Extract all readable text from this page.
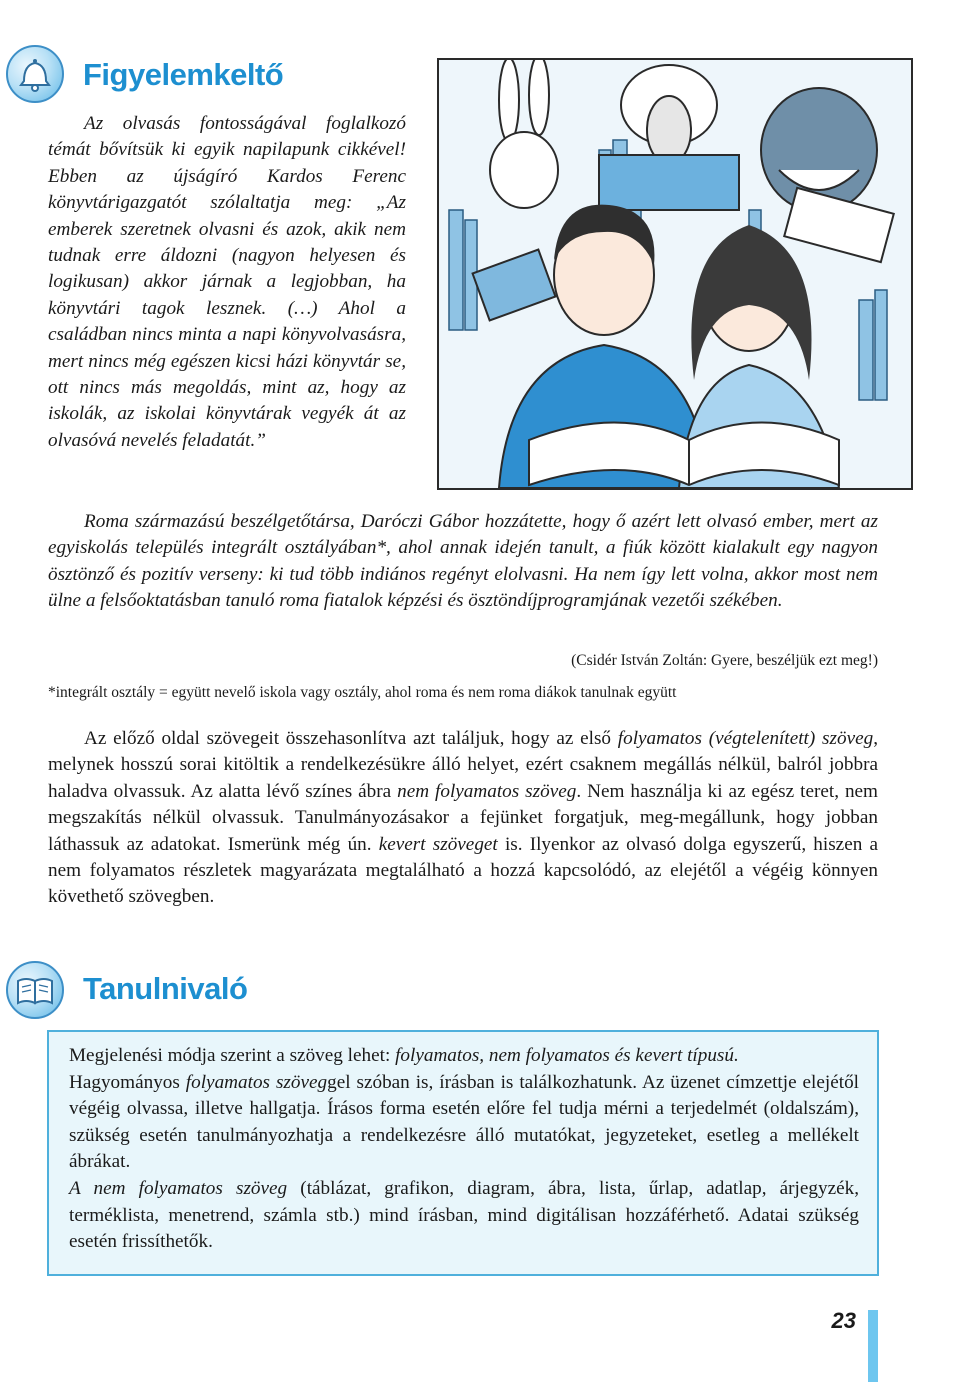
Figyelemkeltő

Az olvasás fontosságával foglalkozó témát bővítsük ki egyik napilapunk cikkével! Ebben az újságíró Kardos Ferenc könyvtárigazgatót szólaltatja meg: „Az emberek szeretnek olvasni és azok, akik nem tudnak erre áldozni (nagyon helyesen és logikusan) akkor járnak a legjobban, ha könyvtári tagok lesznek. (…) Ahol a családban nincs minta a napi könyvolvasásra, mert nincs még egészen kicsi házi könyvtár se, ott nincs más megoldás, mint az, hogy az iskolák, az iskolai könyvtárak vegyék át az olvasóvá nevelés feladatát.”

Roma származású beszélgetőtársa, Daróczi Gábor hozzátette, hogy ő azért lett olvasó ember, mert az egyiskolás település integrált osztályában*, ahol annak idején tanult, a fiúk között kialakult egy nagyon ösztönző és pozitív verseny: ki tud több indiános regényt elolvasni. Ha nem így lett volna, akkor most nem ülne a felsőoktatásban tanuló roma fiatalok képzési és ösztöndíjprogramjának vezetői székében.

(Csidér István Zoltán: Gyere, beszéljük ezt meg!)
*integrált osztály = együtt nevelő iskola vagy osztály, ahol roma és nem roma diákok tanulnak együtt

Az előző oldal szövegeit összehasonlítva azt találjuk, hogy az első folyamatos (végtelenített) szöveg, melynek hosszú sorai kitöltik a rendelkezésükre álló helyet, ezért csaknem megállás nélkül, balról jobbra haladva olvassuk. Az alatta lévő színes ábra nem folyamatos szöveg. Nem használja ki az egész teret, nem megszakítás nélkül olvassuk. Tanulmányozásakor a fejünket forgatjuk, meg-megállunk, hogy jobban láthassuk az adatokat. Ismerünk még ún. kevert szöveget is. Ilyenkor az olvasó dolga egyszerű, hiszen a nem folyamatos részletek magyarázata megtalálható a hozzá kapcsolódó, az elejétől a végéig könnyen követhető szövegben.

Tanulnivaló

Megjelenési módja szerint a szöveg lehet: folyamatos, nem folyamatos és kevert típusú.

Hagyományos folyamatos szöveggel szóban is, írásban is találkozhatunk. Az üzenet címzettje elejétől végéig olvassa, illetve hallgatja. Írásos forma esetén előre fel tudja mérni a terjedelmét (oldalszám), szükség esetén tanulmányozhatja a rendelkezésre álló mutatókat, jegyzeteket, esetleg a mellékelt ábrákat.

A nem folyamatos szöveg (táblázat, grafikon, diagram, ábra, lista, űrlap, adatlap, árjegyzék, terméklista, menetrend, számla stb.) mind írásban, mind digitálisan hozzáférhető. Adatai szükség esetén frissíthetők.

23
